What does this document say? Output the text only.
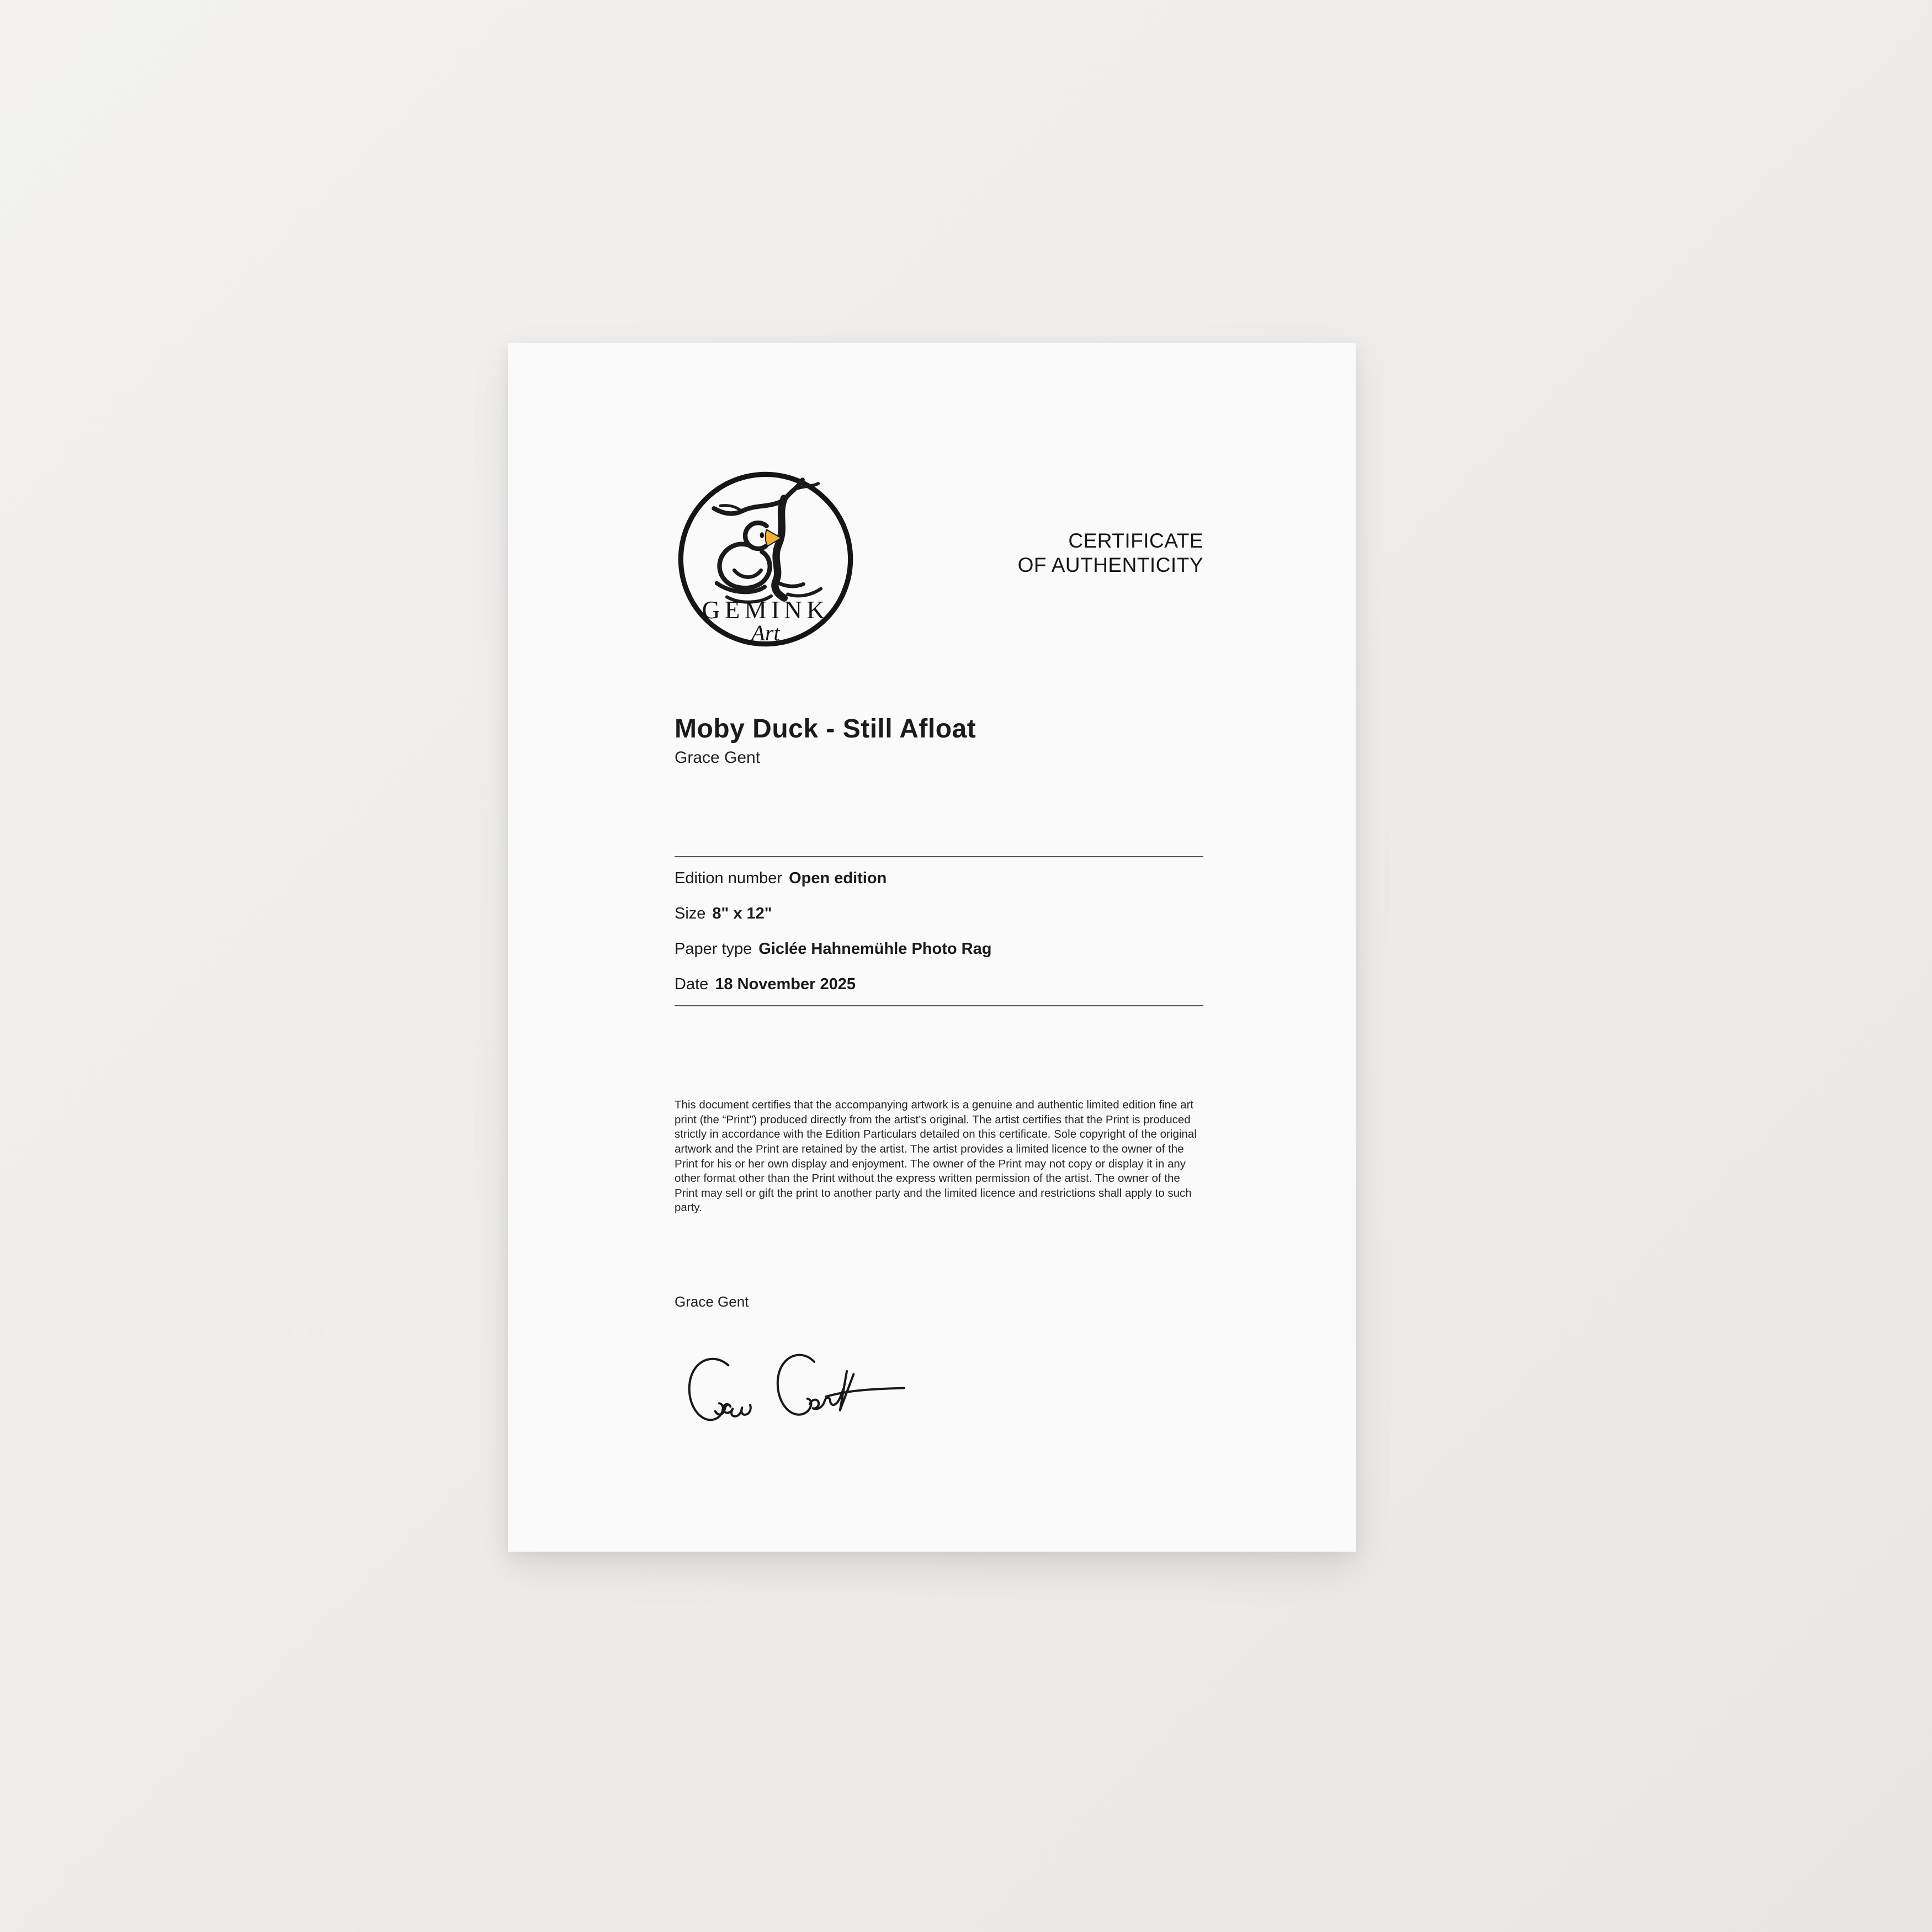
GEMINK
Art
CERTIFICATE
OF AUTHENTICITY
Moby Duck - Still Afloat
Grace Gent
Edition number Open edition
Size 8" x 12"
Paper type Giclée Hahnemühle Photo Rag
Date 18 November 2025
This document certifies that the accompanying artwork is a genuine and authentic limited edition fine art print (the “Print”) produced directly from the artist’s original. The artist certifies that the Print is produced strictly in accordance with the Edition Particulars detailed on this certificate. Sole copyright of the original artwork and the Print are retained by the artist. The artist provides a limited licence to the owner of the Print for his or her own display and enjoyment. The owner of the Print may not copy or display it in any other format other than the Print without the express written permission of the artist. The owner of the Print may sell or gift the print to another party and the limited licence and restrictions shall apply to such party.
Grace Gent
